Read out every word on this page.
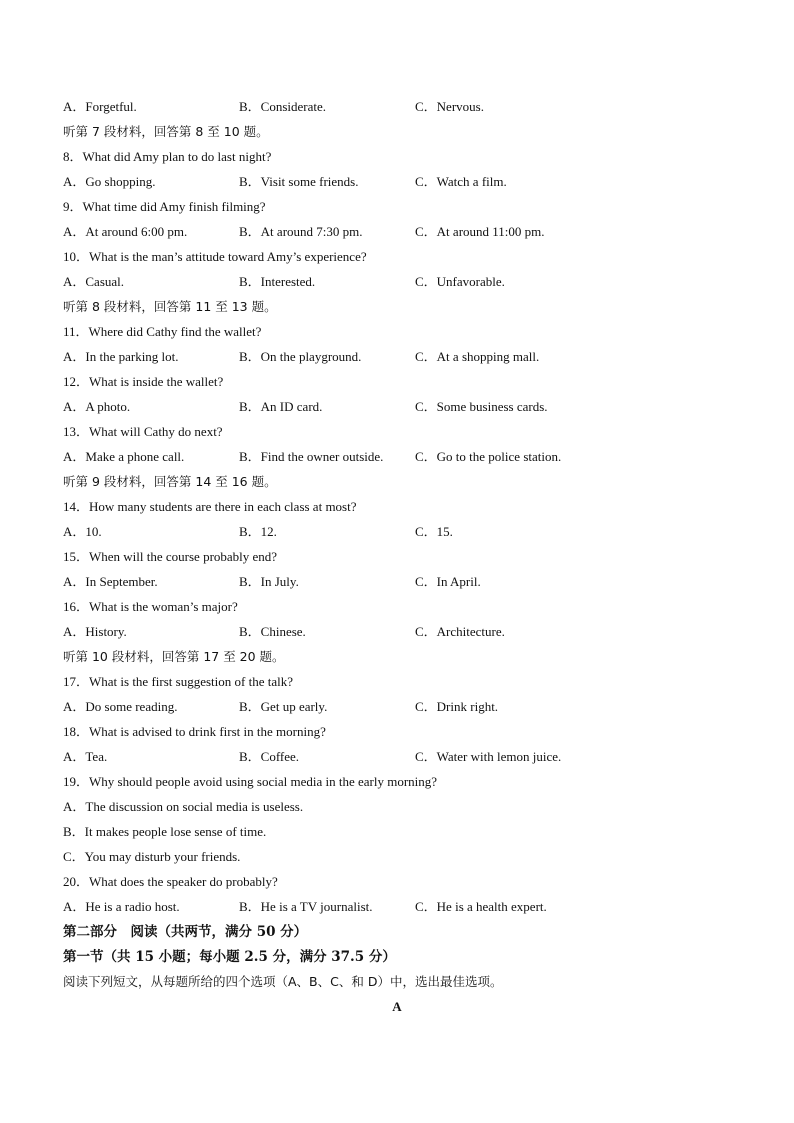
A．Forgetful.	B．Considerate.	C．Nervous.
听第 7 段材料，回答第 8 至 10 题。
8．What did Amy plan to do last night?
A．Go shopping.	B．Visit some friends.	C．Watch a film.
9．What time did Amy finish filming?
A．At around 6:00 pm.	B．At around 7:30 pm.	C．At around 11:00 pm.
10．What is the man’s attitude toward Amy’s experience?
A．Casual.	B．Interested.	C．Unfavorable.
听第 8 段材料，回答第 11 至 13 题。
11．Where did Cathy find the wallet?
A．In the parking lot.	B．On the playground.	C．At a shopping mall.
12．What is inside the wallet?
A．A photo.	B．An ID card.	C．Some business cards.
13．What will Cathy do next?
A．Make a phone call.	B．Find the owner outside. C．Go to the police station.
听第 9 段材料，回答第 14 至 16 题。
14．How many students are there in each class at most?
A．10.	B．12.	C．15.
15．When will the course probably end?
A．In September.	B．In July.	C．In April.
16．What is the woman’s major?
A．History.	B．Chinese.	C．Architecture.
听第 10 段材料，回答第 17 至 20 题。
17．What is the first suggestion of the talk?
A．Do some reading.	B．Get up early.	C．Drink right.
18．What is advised to drink first in the morning?
A．Tea.	B．Coffee.	C．Water with lemon juice.
19．Why should people avoid using social media in the early morning?
A．The discussion on social media is useless.
B．It makes people lose sense of time.
C．You may disturb your friends.
20．What does the speaker do probably?
A．He is a radio host.	B．He is a TV journalist.	C．He is a health expert.
第二部分　阅读（共两节，满分 50 分）
第一节（共 15 小题；每小题 2.5 分，满分 37.5 分）
阅读下列短文，从每题所给的四个选项（A、B、C、和 D）中，选出最佳选项。
A
